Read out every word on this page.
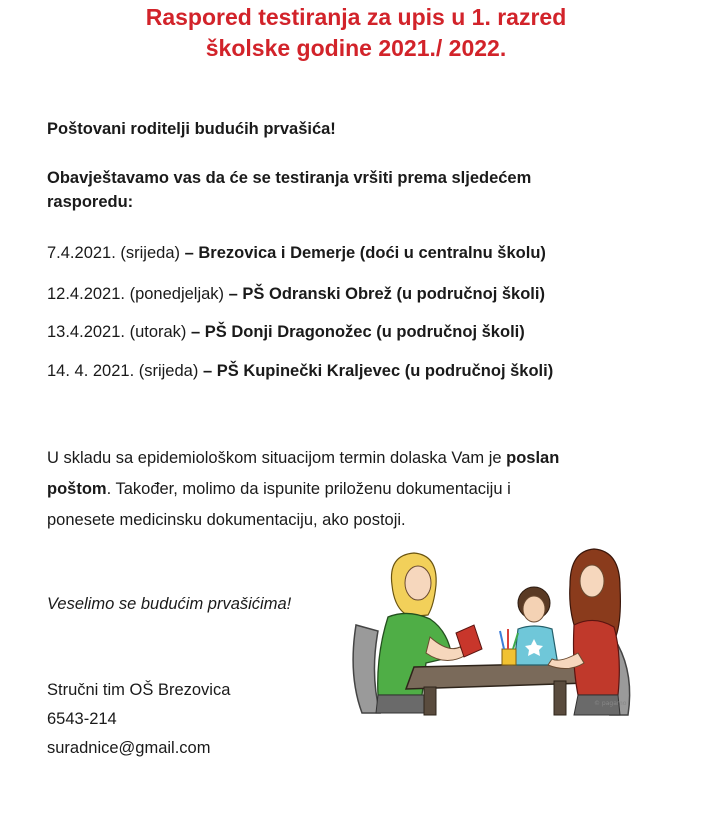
Raspored testiranja za upis u 1. razred
školske godine 2021./ 2022.
Poštovani roditelji budućih prvašića!
Obavještavamo vas da će se testiranja vršiti prema sljedećem
rasporedu:
7.4.2021. (srijeda) – Brezovica i Demerje (doći u centralnu školu)
12.4.2021. (ponedjeljak) – PŠ Odranski Obrež (u područnoj školi)
13.4.2021. (utorak) – PŠ Donji Dragonožec (u područnoj školi)
14. 4. 2021. (srijeda) – PŠ Kupinečki Kraljevec (u područnoj školi)
U skladu sa epidemiološkom situacijom termin dolaska Vam je poslan
poštom. Također, molimo da ispunite priloženu dokumentaciju i
ponesete medicinsku dokumentaciju, ako postoji.
Veselimo se budućim prvašićima!
Stručni tim OŠ Brezovica
6543-214
suradnice@gmail.com
© pagamo
